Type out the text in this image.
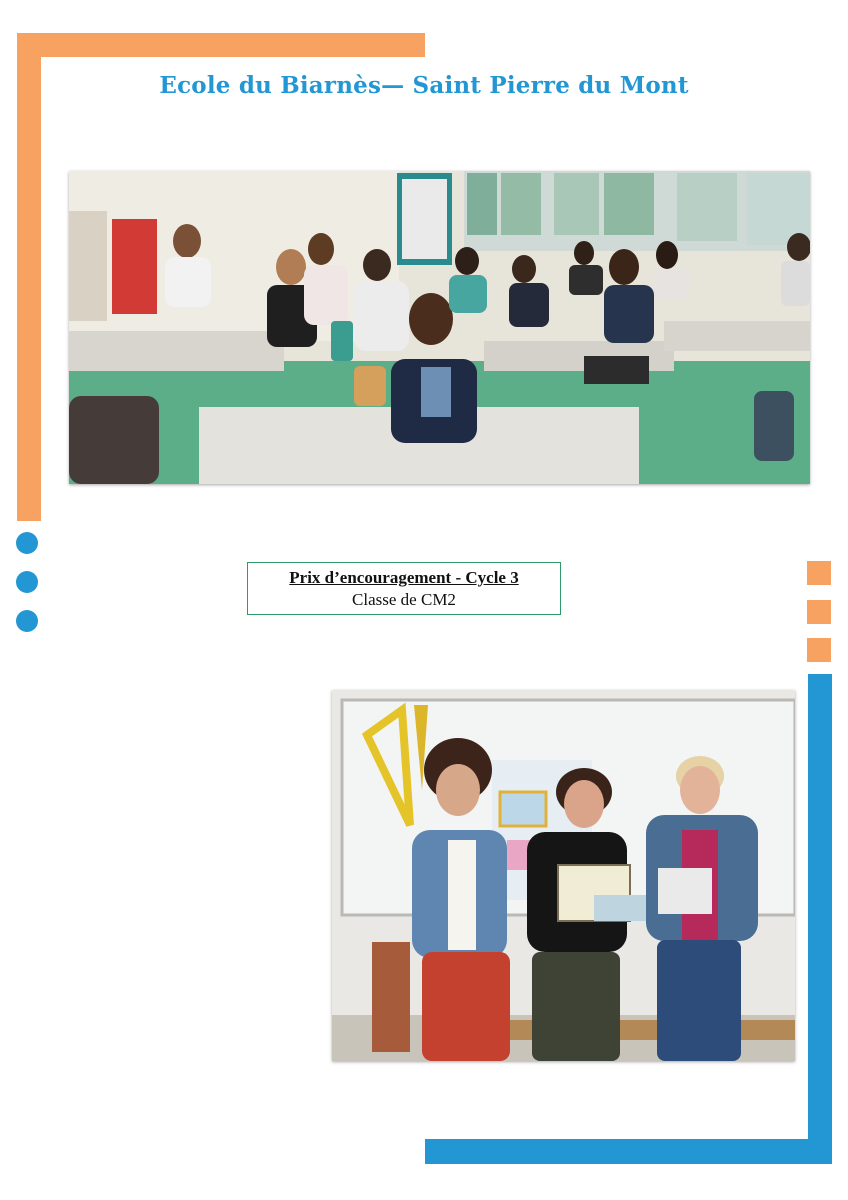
Ecole du Biarnès— Saint Pierre du Mont
Prix d’encouragement - Cycle 3
Classe de CM2
